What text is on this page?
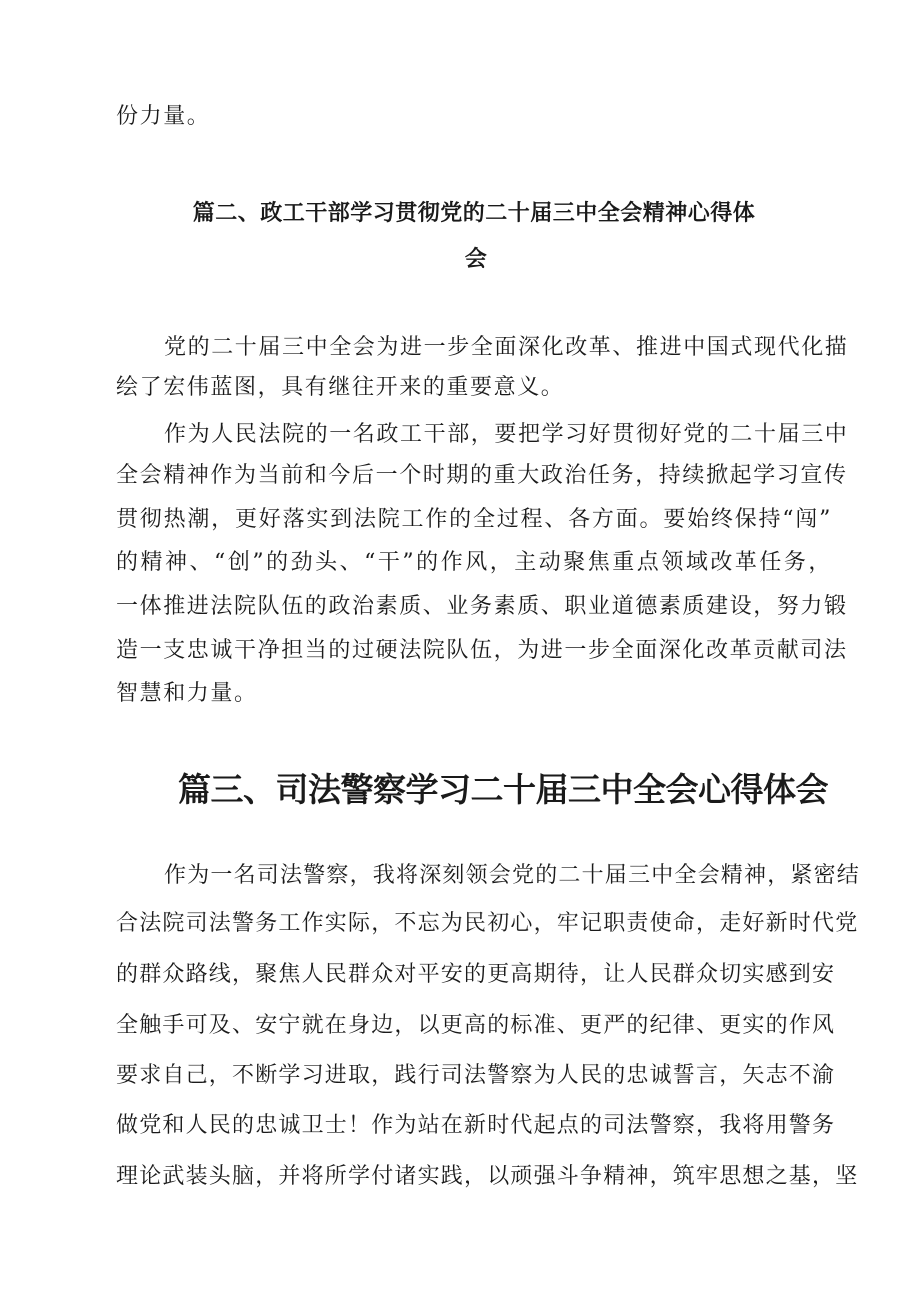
份力量。

篇二、政工干部学习贯彻党的二十届三中全会精神心得体
会

党的二十届三中全会为进一步全面深化改革、推进中国式现代化描

绘了宏伟蓝图，具有继往开来的重要意义。

作为人民法院的一名政工干部，要把学习好贯彻好党的二十届三中

全会精神作为当前和今后一个时期的重大政治任务，持续掀起学习宣传

贯彻热潮，更好落实到法院工作的全过程、各方面。要始终保持“闯”

的精神、“创”的劲头、“干”的作风，主动聚焦重点领域改革任务，

一体推进法院队伍的政治素质、业务素质、职业道德素质建设，努力锻

造一支忠诚干净担当的过硬法院队伍，为进一步全面深化改革贡献司法

智慧和力量。

篇三、司法警察学习二十届三中全会心得体会

作为一名司法警察，我将深刻领会党的二十届三中全会精神，紧密结

合法院司法警务工作实际，不忘为民初心，牢记职责使命，走好新时代党

的群众路线，聚焦人民群众对平安的更高期待，让人民群众切实感到安

全触手可及、安宁就在身边，以更高的标准、更严的纪律、更实的作风

要求自己，不断学习进取，践行司法警察为人民的忠诚誓言，矢志不渝

做党和人民的忠诚卫士！作为站在新时代起点的司法警察，我将用警务

理论武装头脑，并将所学付诸实践，以顽强斗争精神，筑牢思想之基，坚
